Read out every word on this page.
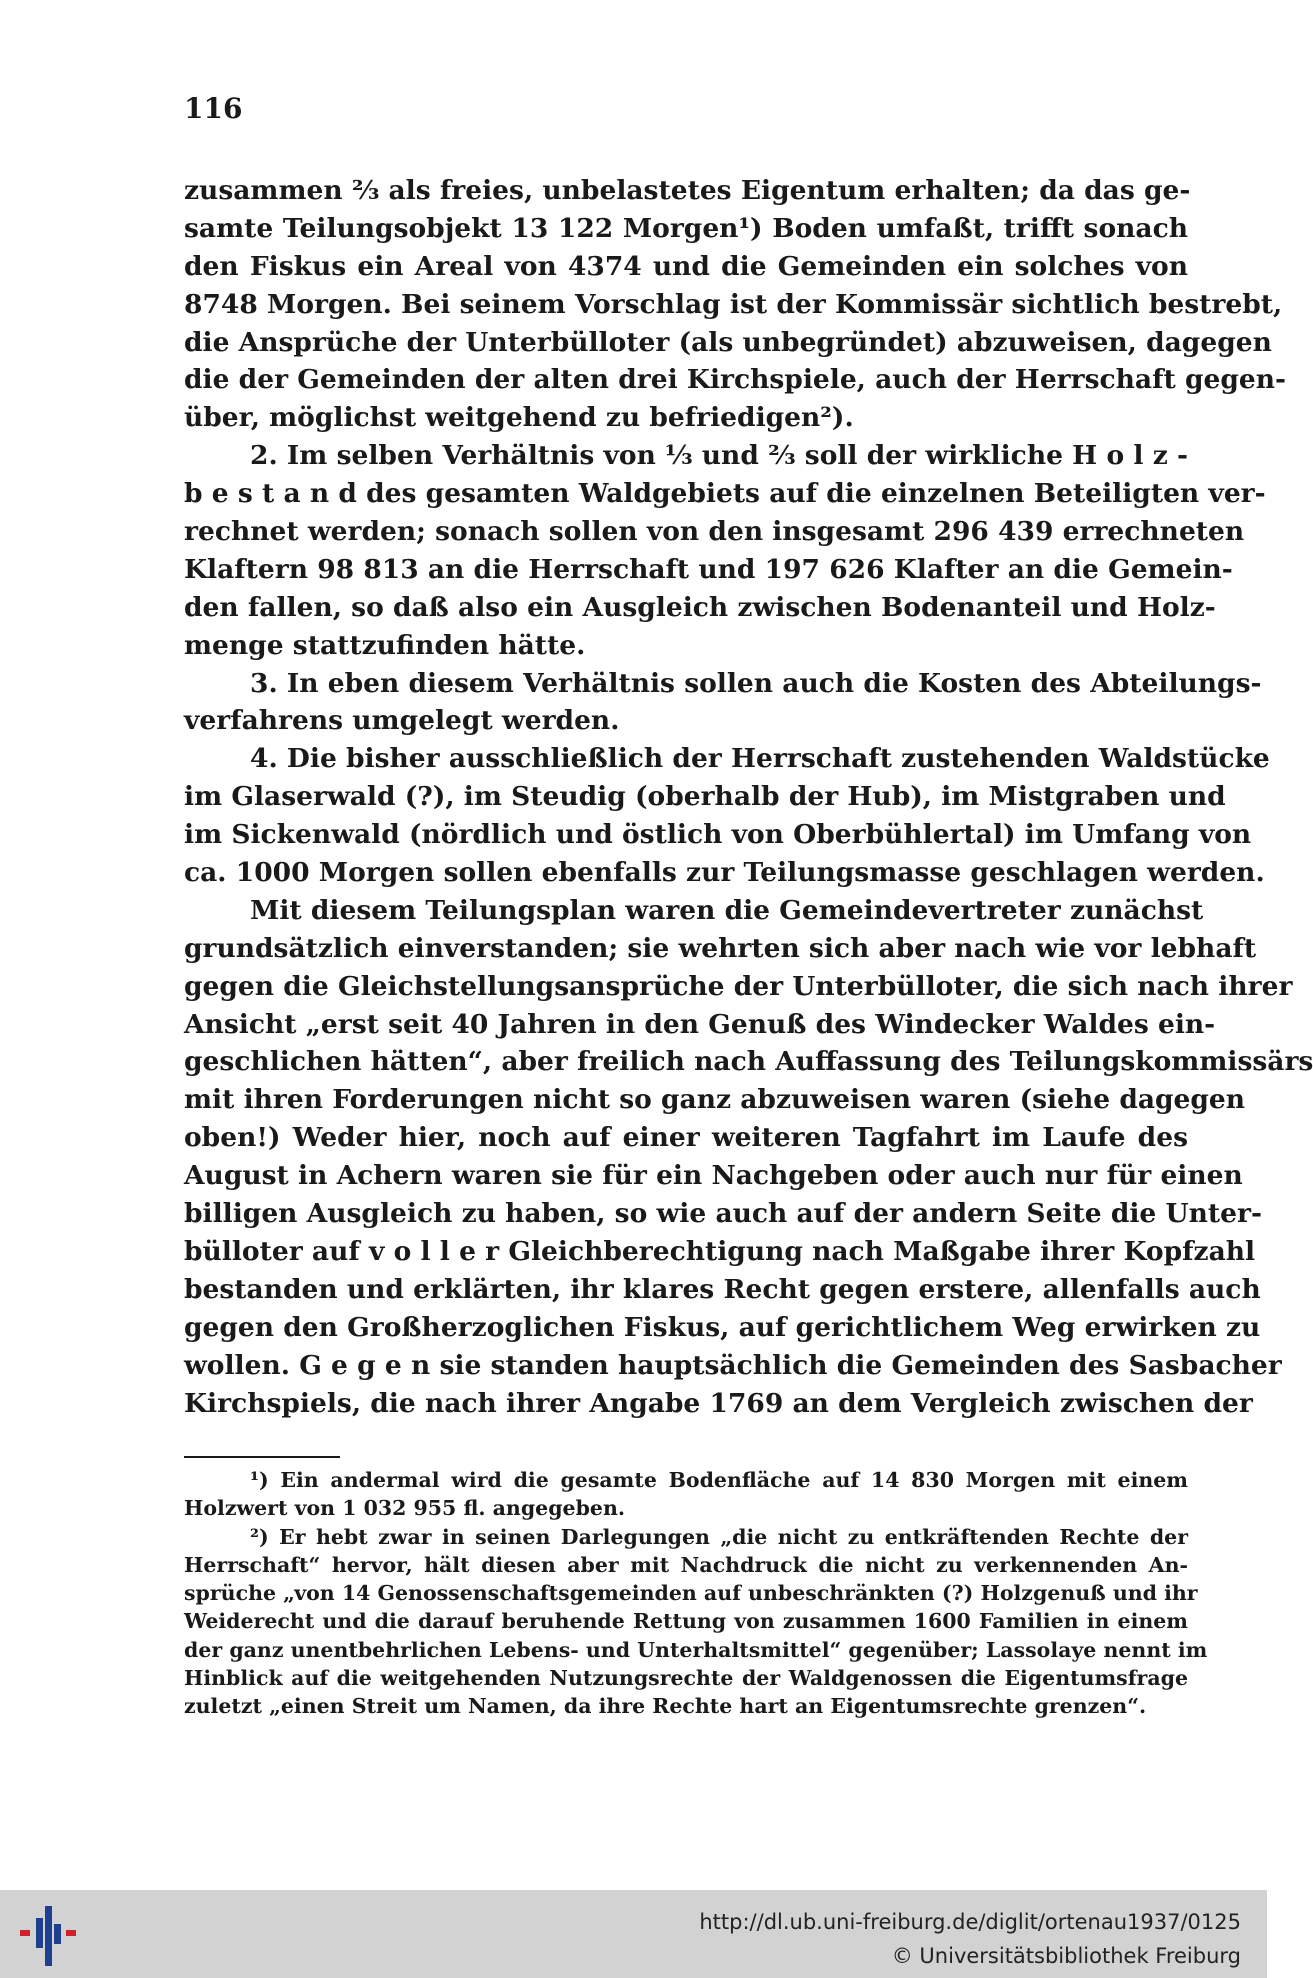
116
zusammen ⅔ als freies, unbelastetes Eigentum erhalten; da das ge-
samte Teilungsobjekt 13 122 Morgen¹) Boden umfaßt, trifft sonach
den Fiskus ein Areal von 4374 und die Gemeinden ein solches von
8748 Morgen. Bei seinem Vorschlag ist der Kommissär sichtlich bestrebt,
die Ansprüche der Unterbülloter (als unbegründet) abzuweisen, dagegen
die der Gemeinden der alten drei Kirchspiele, auch der Herrschaft gegen-
über, möglichst weitgehend zu befriedigen²).
2. Im selben Verhältnis von ⅓ und ⅔ soll der wirkliche H o l z -
b e s t a n d des gesamten Waldgebiets auf die einzelnen Beteiligten ver-
rechnet werden; sonach sollen von den insgesamt 296 439 errechneten
Klaftern 98 813 an die Herrschaft und 197 626 Klafter an die Gemein-
den fallen, so daß also ein Ausgleich zwischen Bodenanteil und Holz-
menge stattzufinden hätte.
3. In eben diesem Verhältnis sollen auch die Kosten des Abteilungs-
verfahrens umgelegt werden.
4. Die bisher ausschließlich der Herrschaft zustehenden Waldstücke
im Glaserwald (?), im Steudig (oberhalb der Hub), im Mistgraben und
im Sickenwald (nördlich und östlich von Oberbühlertal) im Umfang von
ca. 1000 Morgen sollen ebenfalls zur Teilungsmasse geschlagen werden.
Mit diesem Teilungsplan waren die Gemeindevertreter zunächst
grundsätzlich einverstanden; sie wehrten sich aber nach wie vor lebhaft
gegen die Gleichstellungsansprüche der Unterbülloter, die sich nach ihrer
Ansicht „erst seit 40 Jahren in den Genuß des Windecker Waldes ein-
geschlichen hätten“, aber freilich nach Auffassung des Teilungskommissärs
mit ihren Forderungen nicht so ganz abzuweisen waren (siehe dagegen
oben!) Weder hier, noch auf einer weiteren Tagfahrt im Laufe des
August in Achern waren sie für ein Nachgeben oder auch nur für einen
billigen Ausgleich zu haben, so wie auch auf der andern Seite die Unter-
bülloter auf v o l l e r Gleichberechtigung nach Maßgabe ihrer Kopfzahl
bestanden und erklärten, ihr klares Recht gegen erstere, allenfalls auch
gegen den Großherzoglichen Fiskus, auf gerichtlichem Weg erwirken zu
wollen. G e g e n sie standen hauptsächlich die Gemeinden des Sasbacher
Kirchspiels, die nach ihrer Angabe 1769 an dem Vergleich zwischen der
¹) Ein andermal wird die gesamte Bodenfläche auf 14 830 Morgen mit einem
Holzwert von 1 032 955 fl. angegeben.
²) Er hebt zwar in seinen Darlegungen „die nicht zu entkräftenden Rechte der
Herrschaft“ hervor, hält diesen aber mit Nachdruck die nicht zu verkennenden An-
sprüche „von 14 Genossenschaftsgemeinden auf unbeschränkten (?) Holzgenuß und ihr
Weiderecht und die darauf beruhende Rettung von zusammen 1600 Familien in einem
der ganz unentbehrlichen Lebens- und Unterhaltsmittel“ gegenüber; Lassolaye nennt im
Hinblick auf die weitgehenden Nutzungsrechte der Waldgenossen die Eigentumsfrage
zuletzt „einen Streit um Namen, da ihre Rechte hart an Eigentumsrechte grenzen“.
http://dl.ub.uni-freiburg.de/diglit/ortenau1937/0125
© Universitätsbibliothek Freiburg
